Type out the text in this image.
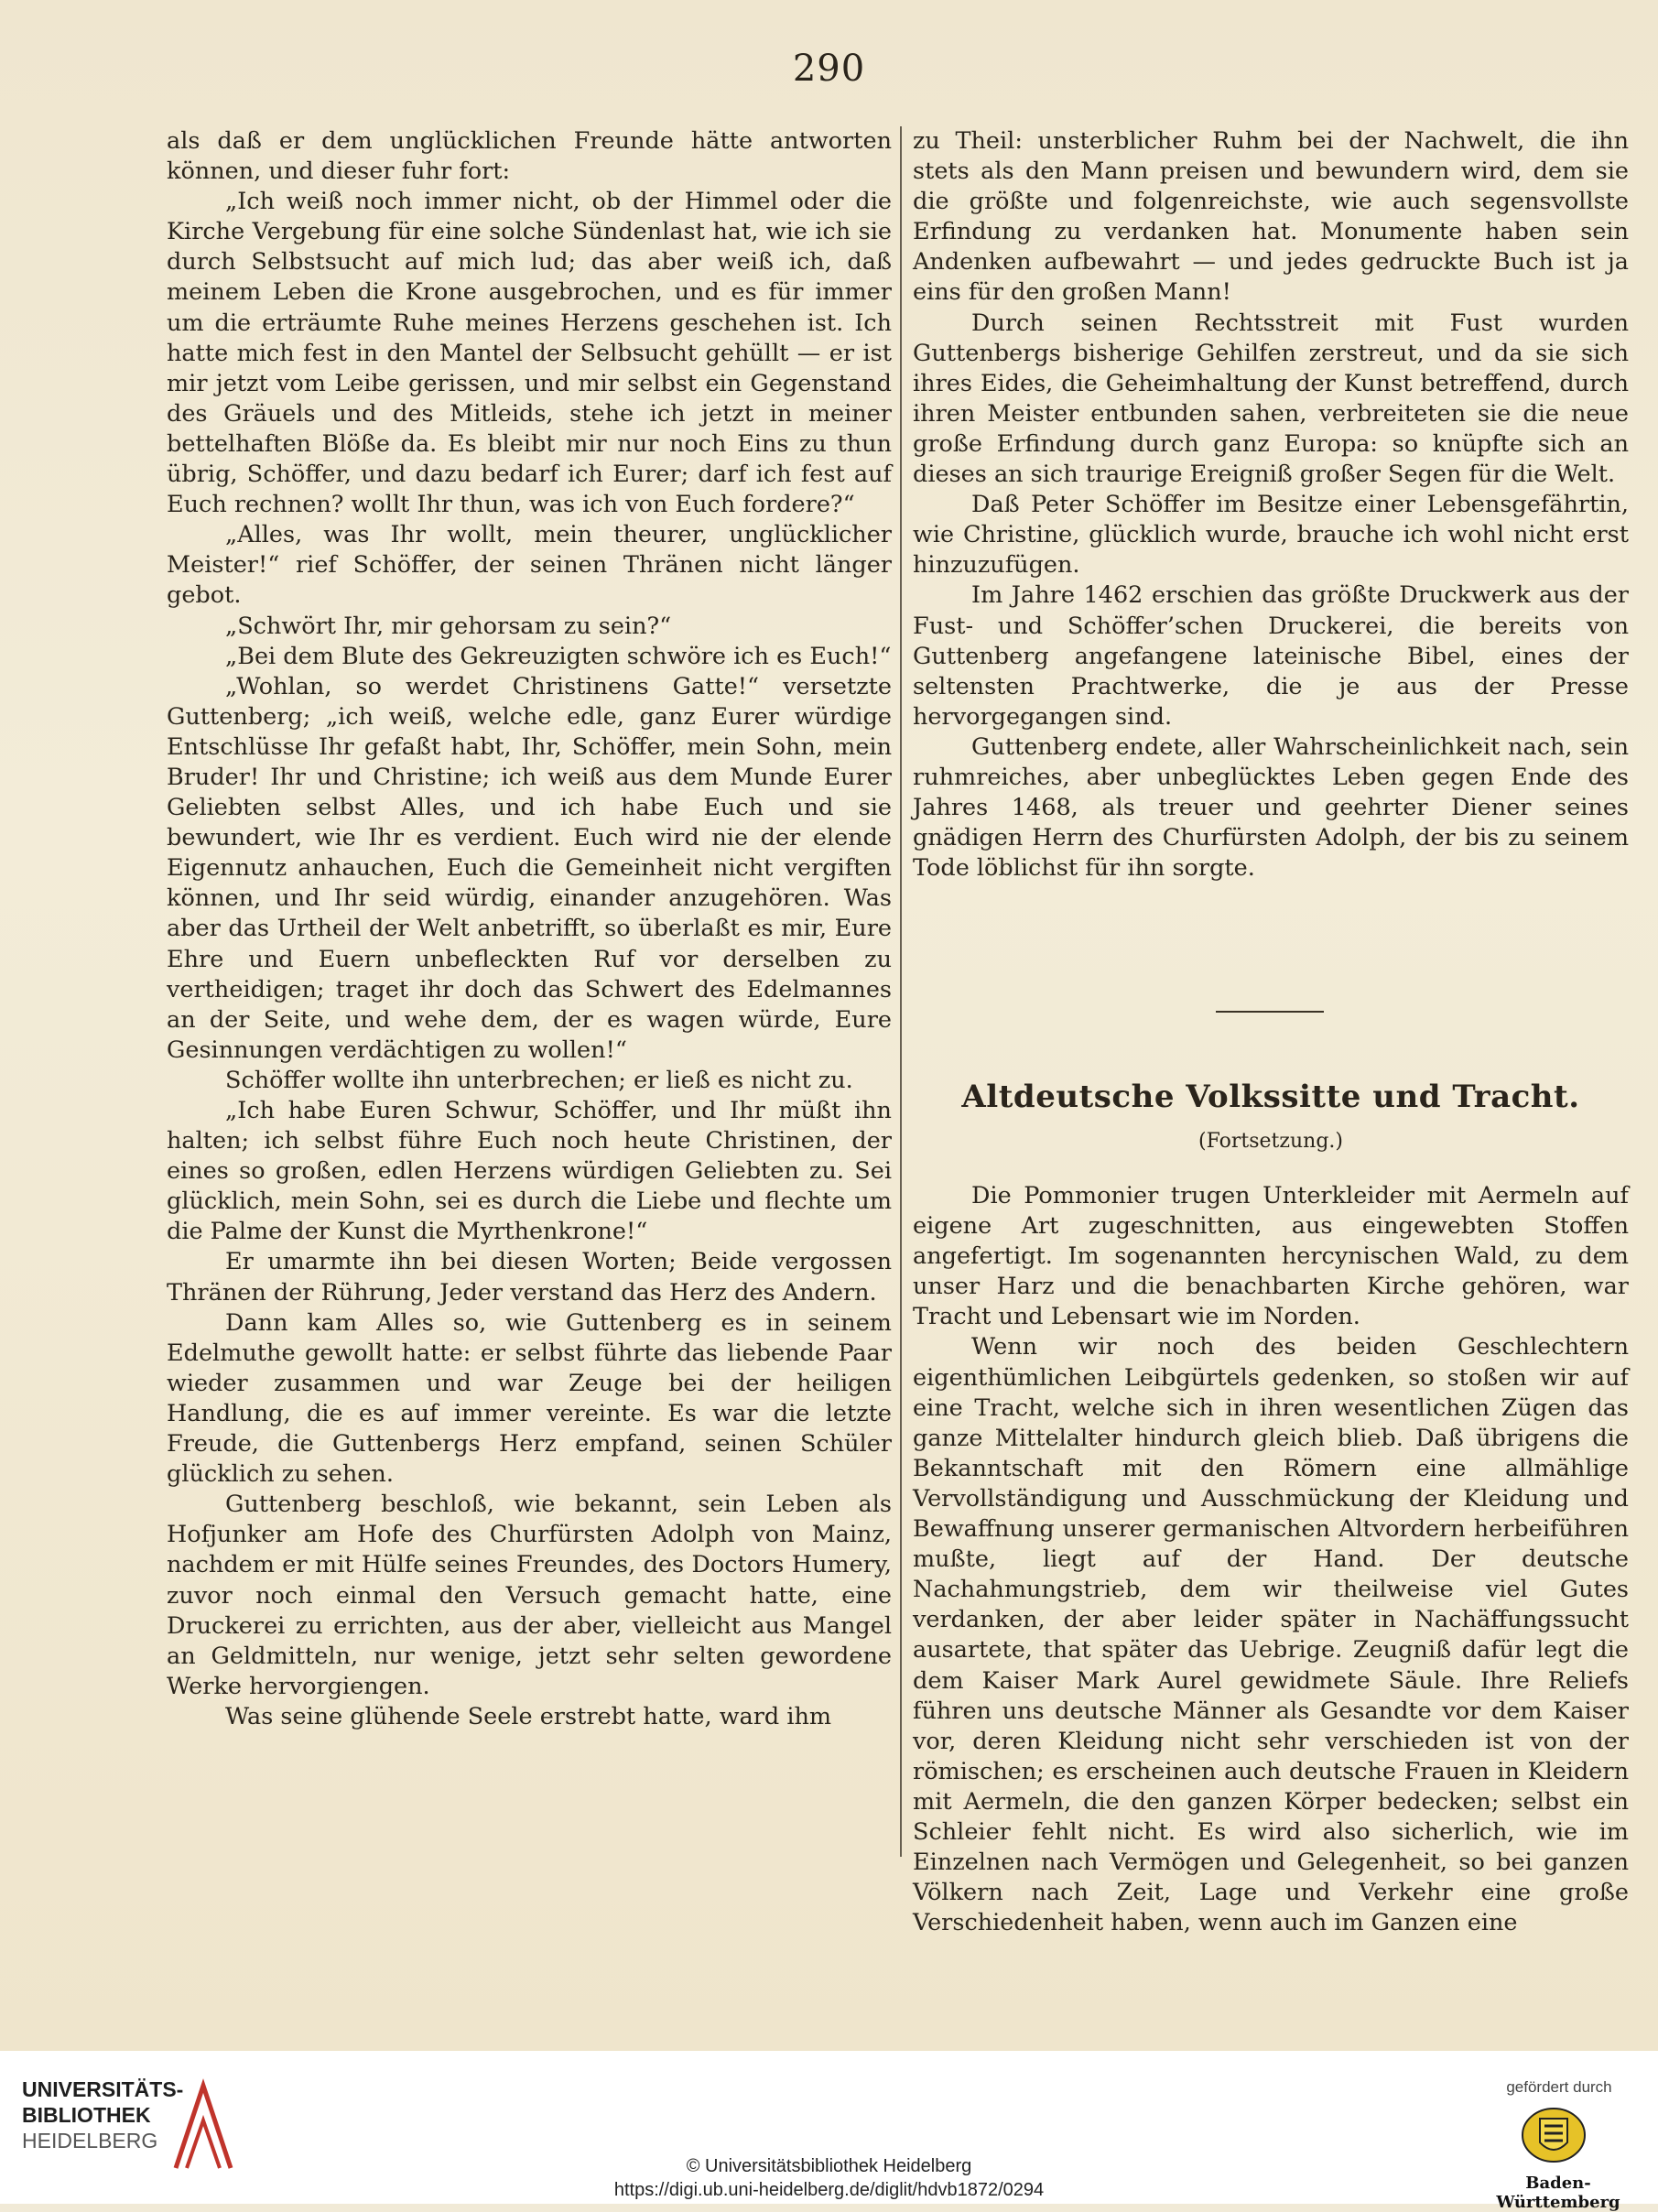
290

als daß er dem unglücklichen Freunde hätte antworten können, und dieser fuhr fort:

„Ich weiß noch immer nicht, ob der Himmel oder die Kirche Vergebung für eine solche Sündenlast hat, wie ich sie durch Selbstsucht auf mich lud; das aber weiß ich, daß meinem Leben die Krone ausgebrochen, und es für immer um die erträumte Ruhe meines Herzens geschehen ist. Ich hatte mich fest in den Mantel der Selbsucht gehüllt — er ist mir jetzt vom Leibe gerissen, und mir selbst ein Gegenstand des Gräuels und des Mitleids, stehe ich jetzt in meiner bettelhaften Blöße da. Es bleibt mir nur noch Eins zu thun übrig, Schöffer, und dazu bedarf ich Eurer; darf ich fest auf Euch rechnen? wollt Ihr thun, was ich von Euch fordere?“

„Alles, was Ihr wollt, mein theurer, unglücklicher Meister!“ rief Schöffer, der seinen Thränen nicht länger gebot.

„Schwört Ihr, mir gehorsam zu sein?“

„Bei dem Blute des Gekreuzigten schwöre ich es Euch!“

„Wohlan, so werdet Christinens Gatte!“ versetzte Guttenberg; „ich weiß, welche edle, ganz Eurer würdige Entschlüsse Ihr gefaßt habt, Ihr, Schöffer, mein Sohn, mein Bruder! Ihr und Christine; ich weiß aus dem Munde Eurer Geliebten selbst Alles, und ich habe Euch und sie bewundert, wie Ihr es verdient. Euch wird nie der elende Eigennutz anhauchen, Euch die Gemeinheit nicht vergiften können, und Ihr seid würdig, einander anzugehören. Was aber das Urtheil der Welt anbetrifft, so überlaßt es mir, Eure Ehre und Euern unbefleckten Ruf vor derselben zu vertheidigen; traget ihr doch das Schwert des Edelmannes an der Seite, und wehe dem, der es wagen würde, Eure Gesinnungen verdächtigen zu wollen!“

Schöffer wollte ihn unterbrechen; er ließ es nicht zu.

„Ich habe Euren Schwur, Schöffer, und Ihr müßt ihn halten; ich selbst führe Euch noch heute Christinen, der eines so großen, edlen Herzens würdigen Geliebten zu. Sei glücklich, mein Sohn, sei es durch die Liebe und flechte um die Palme der Kunst die Myrthenkrone!“

Er umarmte ihn bei diesen Worten; Beide vergossen Thränen der Rührung, Jeder verstand das Herz des Andern.

Dann kam Alles so, wie Guttenberg es in seinem Edelmuthe gewollt hatte: er selbst führte das liebende Paar wieder zusammen und war Zeuge bei der heiligen Handlung, die es auf immer vereinte. Es war die letzte Freude, die Guttenbergs Herz empfand, seinen Schüler glücklich zu sehen.

Guttenberg beschloß, wie bekannt, sein Leben als Hofjunker am Hofe des Churfürsten Adolph von Mainz, nachdem er mit Hülfe seines Freundes, des Doctors Humery, zuvor noch einmal den Versuch gemacht hatte, eine Druckerei zu errichten, aus der aber, vielleicht aus Mangel an Geldmitteln, nur wenige, jetzt sehr selten gewordene Werke hervorgiengen.

Was seine glühende Seele erstrebt hatte, ward ihm

zu Theil: unsterblicher Ruhm bei der Nachwelt, die ihn stets als den Mann preisen und bewundern wird, dem sie die größte und folgenreichste, wie auch segensvollste Erfindung zu verdanken hat. Monumente haben sein Andenken aufbewahrt — und jedes gedruckte Buch ist ja eins für den großen Mann!

Durch seinen Rechtsstreit mit Fust wurden Guttenbergs bisherige Gehilfen zerstreut, und da sie sich ihres Eides, die Geheimhaltung der Kunst betreffend, durch ihren Meister entbunden sahen, verbreiteten sie die neue große Erfindung durch ganz Europa: so knüpfte sich an dieses an sich traurige Ereigniß großer Segen für die Welt.

Daß Peter Schöffer im Besitze einer Lebensgefährtin, wie Christine, glücklich wurde, brauche ich wohl nicht erst hinzuzufügen.

Im Jahre 1462 erschien das größte Druckwerk aus der Fust- und Schöffer’schen Druckerei, die bereits von Guttenberg angefangene lateinische Bibel, eines der seltensten Prachtwerke, die je aus der Presse hervorgegangen sind.

Guttenberg endete, aller Wahrscheinlichkeit nach, sein ruhmreiches, aber unbeglücktes Leben gegen Ende des Jahres 1468, als treuer und geehrter Diener seines gnädigen Herrn des Churfürsten Adolph, der bis zu seinem Tode löblichst für ihn sorgte.

Altdeutsche Volkssitte und Tracht.
(Fortsetzung.)

Die Pommonier trugen Unterkleider mit Aermeln auf eigene Art zugeschnitten, aus eingewebten Stoffen angefertigt. Im sogenannten hercynischen Wald, zu dem unser Harz und die benachbarten Kirche gehören, war Tracht und Lebensart wie im Norden.

Wenn wir noch des beiden Geschlechtern eigenthümlichen Leibgürtels gedenken, so stoßen wir auf eine Tracht, welche sich in ihren wesentlichen Zügen das ganze Mittelalter hindurch gleich blieb. Daß übrigens die Bekanntschaft mit den Römern eine allmählige Vervollständigung und Ausschmückung der Kleidung und Bewaffnung unserer germanischen Altvordern herbeiführen mußte, liegt auf der Hand. Der deutsche Nachahmungstrieb, dem wir theilweise viel Gutes verdanken, der aber leider später in Nachäffungssucht ausartete, that später das Uebrige. Zeugniß dafür legt die dem Kaiser Mark Aurel gewidmete Säule. Ihre Reliefs führen uns deutsche Männer als Gesandte vor dem Kaiser vor, deren Kleidung nicht sehr verschieden ist von der römischen; es erscheinen auch deutsche Frauen in Kleidern mit Aermeln, die den ganzen Körper bedecken; selbst ein Schleier fehlt nicht. Es wird also sicherlich, wie im Einzelnen nach Vermögen und Gelegenheit, so bei ganzen Völkern nach Zeit, Lage und Verkehr eine große Verschiedenheit haben, wenn auch im Ganzen eine

UNIVERSITÄTS-
BIBLIOTHEK
HEIDELBERG
© Universitätsbibliothek Heidelberg
https://digi.ub.uni-heidelberg.de/diglit/hdvb1872/0294
gefördert durch
Baden-Württemberg
